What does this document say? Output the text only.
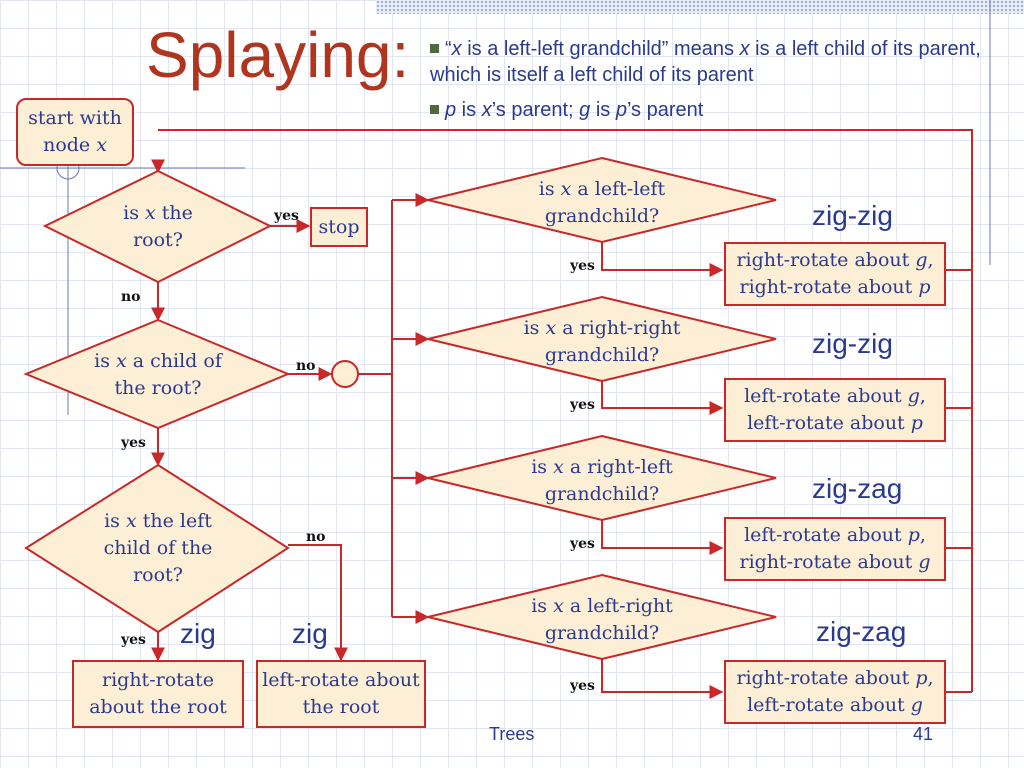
Splaying:	“x is a left-left grandchild” means x is a left child of its parent, which is itself a left child of its parent
p is x’s parent; g is p’s parent
start with
node x
is x the
root?
is x a child of
the root?
is x the left
child of the
root?
stop
right-rotate about the root
left-rotate about the root
is x a left-left
grandchild?
is x a right-right
grandchild?
is x a right-left
grandchild?
is x a left-right
grandchild?
right-rotate about g,
right-rotate about p
left-rotate about g,
left-rotate about p
left-rotate about p,
right-rotate about g
right-rotate about p,
left-rotate about g
zig-zig
zig-zig
zig-zag
zig-zag
zig	zig
yes
no
no
yes
no
yes
yes
yes
yes
yes
Trees	41
